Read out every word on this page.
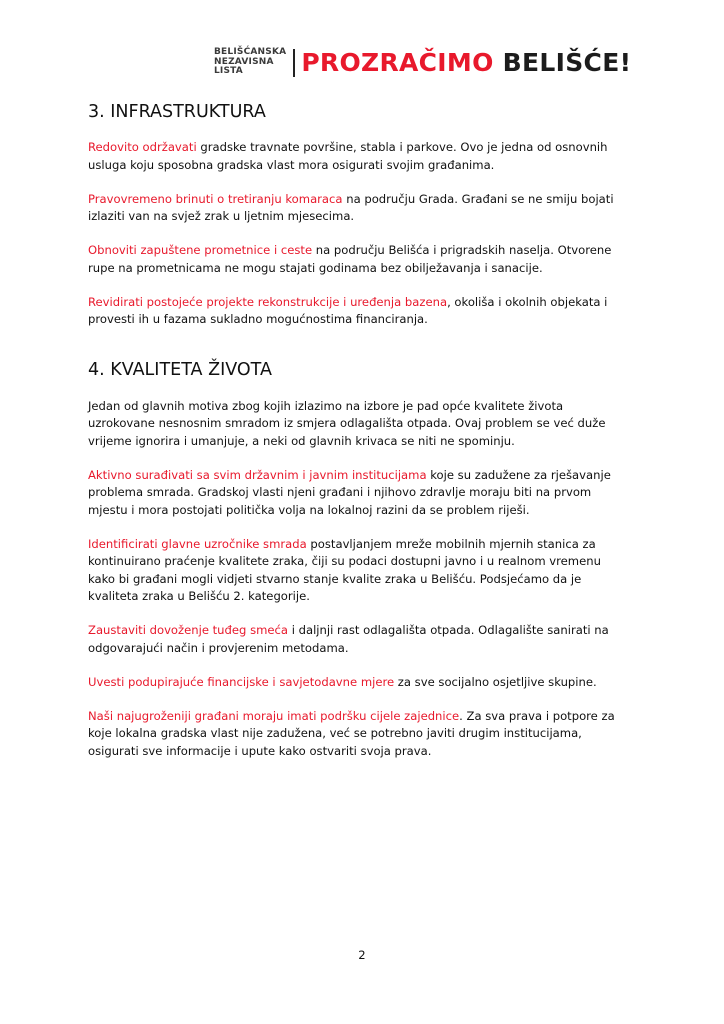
BELIŠĆANSKA
NEZAVISNA
LISTA	PROZRAČIMO BELIŠĆE!
3. INFRASTRUKTURA

Redovito održavati gradske travnate površine, stabla i parkove. Ovo je jedna od osnovnih
usluga koju sposobna gradska vlast mora osigurati svojim građanima.

Pravovremeno brinuti o tretiranju komaraca na području Grada. Građani se ne smiju bojati
izlaziti van na svjež zrak u ljetnim mjesecima.

Obnoviti zapuštene prometnice i ceste na području Belišća i prigradskih naselja. Otvorene
rupe na prometnicama ne mogu stajati godinama bez obilježavanja i sanacije.

Revidirati postojeće projekte rekonstrukcije i uređenja bazena, okoliša i okolnih objekata i
provesti ih u fazama sukladno mogućnostima financiranja.

4. KVALITETA ŽIVOTA

Jedan od glavnih motiva zbog kojih izlazimo na izbore je pad opće kvalitete života
uzrokovane nesnosnim smradom iz smjera odlagališta otpada. Ovaj problem se već duže
vrijeme ignorira i umanjuje, a neki od glavnih krivaca se niti ne spominju.

Aktivno surađivati sa svim državnim i javnim institucijama koje su zadužene za rješavanje
problema smrada. Gradskoj vlasti njeni građani i njihovo zdravlje moraju biti na prvom
mjestu i mora postojati politička volja na lokalnoj razini da se problem riješi.

Identificirati glavne uzročnike smrada postavljanjem mreže mobilnih mjernih stanica za
kontinuirano praćenje kvalitete zraka, čiji su podaci dostupni javno i u realnom vremenu
kako bi građani mogli vidjeti stvarno stanje kvalite zraka u Belišću. Podsjećamo da je
kvaliteta zraka u Belišću 2. kategorije.

Zaustaviti dovoženje tuđeg smeća i daljnji rast odlagališta otpada. Odlagalište sanirati na
odgovarajući način i provjerenim metodama.

Uvesti podupirajuće financijske i savjetodavne mjere za sve socijalno osjetljive skupine.

Naši najugroženiji građani moraju imati podršku cijele zajednice. Za sva prava i potpore za
koje lokalna gradska vlast nije zadužena, već se potrebno javiti drugim institucijama,
osigurati sve informacije i upute kako ostvariti svoja prava.

2
